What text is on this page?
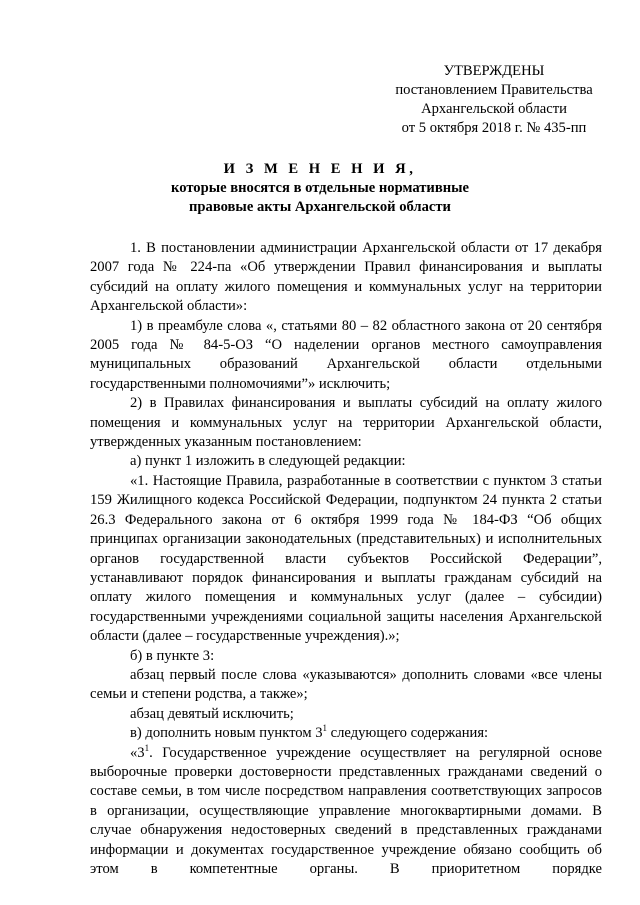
УТВЕРЖДЕНЫ
постановлением Правительства
Архангельской области
от 5 октября 2018 г. № 435-пп
И З М Е Н Е Н И Я,
которые вносятся в отдельные нормативные
правовые акты Архангельской области

1. В постановлении администрации Архангельской области от 17 декабря 2007 года № 224-па «Об утверждении Правил финансирования и выплаты субсидий на оплату жилого помещения и коммунальных услуг на территории Архангельской области»:

1) в преамбуле слова «, статьями 80 – 82 областного закона от 20 сентября 2005 года № 84-5-ОЗ “О наделении органов местного самоуправления муниципальных образований Архангельской области отдельными государственными полномочиями”» исключить;

2) в Правилах финансирования и выплаты субсидий на оплату жилого помещения и коммунальных услуг на территории Архангельской области, утвержденных указанным постановлением:

а) пункт 1 изложить в следующей редакции:

«1. Настоящие Правила, разработанные в соответствии с пунктом 3 статьи 159 Жилищного кодекса Российской Федерации, подпунктом 24 пункта 2 статьи 26.3 Федерального закона от 6 октября 1999 года № 184-ФЗ “Об общих принципах организации законодательных (представительных) и исполнительных органов государственной власти субъектов Российской Федерации”, устанавливают порядок финансирования и выплаты гражданам субсидий на оплату жилого помещения и коммунальных услуг (далее – субсидии) государственными учреждениями социальной защиты населения Архангельской области (далее – государственные учреждения).»;

б) в пункте 3:

абзац первый после слова «указываются» дополнить словами «все члены семьи и степени родства, а также»;

абзац девятый исключить;

в) дополнить новым пунктом $3^1$ следующего содержания:

«$3^1$. Государственное учреждение осуществляет на регулярной основе выборочные проверки достоверности представленных гражданами сведений о составе семьи, в том числе посредством направления соответствующих запросов в организации, осуществляющие управление многоквартирными домами. В случае обнаружения недостоверных сведений в представленных гражданами информации и документах государственное учреждение обязано сообщить об этом в компетентные органы. В приоритетном порядке
